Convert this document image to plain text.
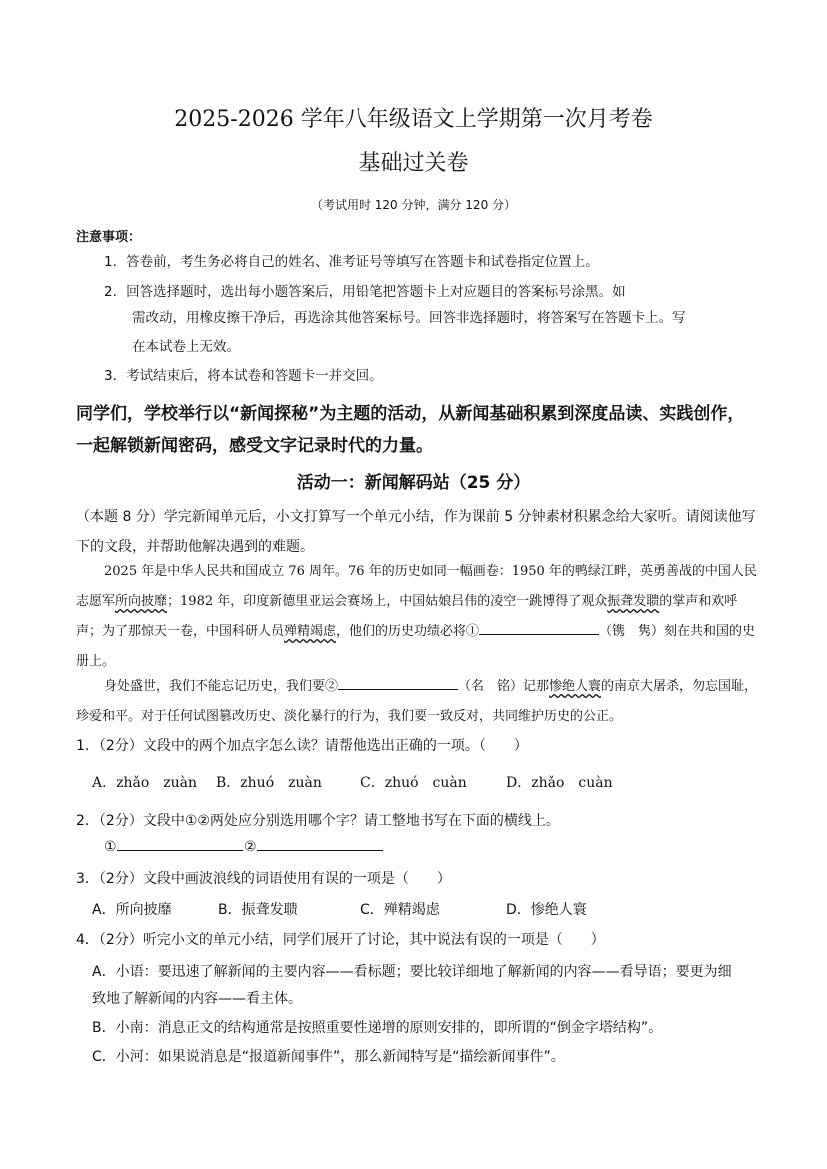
2025-2026 学年八年级语文上学期第一次月考卷
基础过关卷
（考试用时 120 分钟，满分 120 分）
注意事项：
1．答卷前，考生务必将自己的姓名、准考证号等填写在答题卡和试卷指定位置上。
2．回答选择题时，选出每小题答案后，用铅笔把答题卡上对应题目的答案标号涂黑。如
需改动，用橡皮擦干净后，再选涂其他答案标号。回答非选择题时，将答案写在答题卡上。写
在本试卷上无效。
3．考试结束后，将本试卷和答题卡一并交回。
同学们，学校举行以“新闻探秘”为主题的活动，从新闻基础积累到深度品读、实践创作，一起解锁新闻密码，感受文字记录时代的力量。
活动一：新闻解码站（25 分）
（本题 8 分）学完新闻单元后，小文打算写一个单元小结，作为课前 5 分钟素材积累念给大家听。请阅读他写下的文段，并帮助他解决遇到的难题。
2025 年是中华人民共和国成立 76 周年。76 年的历史如同一幅画卷：1950 年的鸭绿江畔，英勇善战的中国人民志愿军所向披靡；1982 年，印度新德里亚运会赛场上，中国姑娘吕伟的凌空一跳博得了观众振聋发聩的掌声和欢呼声；为了那惊天一卷，中国科研人员殚精竭虑，他们的历史功绩必将①	（镌　隽）刻在共和国的史册上。
身处盛世，我们不能忘记历史，我们要②	（名　铭）记那惨绝人寰的南京大屠杀，勿忘国耻，珍爱和平。对于任何试图篡改历史、淡化暴行的行为，我们要一致反对，共同维护历史的公正。
1．（2分）文段中的两个加点字怎么读？请帮他选出正确的一项。（　　）
A．zhǎo　zuàn B．zhuó　zuàn	C．zhuó　cuàn	D．zhǎo　cuàn
2．（2分）文段中①②两处应分别选用哪个字？请工整地书写在下面的横线上。
①	②
3．（2分）文段中画波浪线的词语使用有误的一项是（　　）
A．所向披靡	B．振聋发聩	C．殚精竭虑	D．惨绝人寰
4．（2分）听完小文的单元小结，同学们展开了讨论，其中说法有误的一项是（　　）
A．小语：要迅速了解新闻的主要内容——看标题；要比较详细地了解新闻的内容——看导语；要更为细
致地了解新闻的内容——看主体。
B．小南：消息正文的结构通常是按照重要性递增的原则安排的，即所谓的“倒金字塔结构”。
C．小河：如果说消息是“报道新闻事件”，那么新闻特写是“描绘新闻事件”。
